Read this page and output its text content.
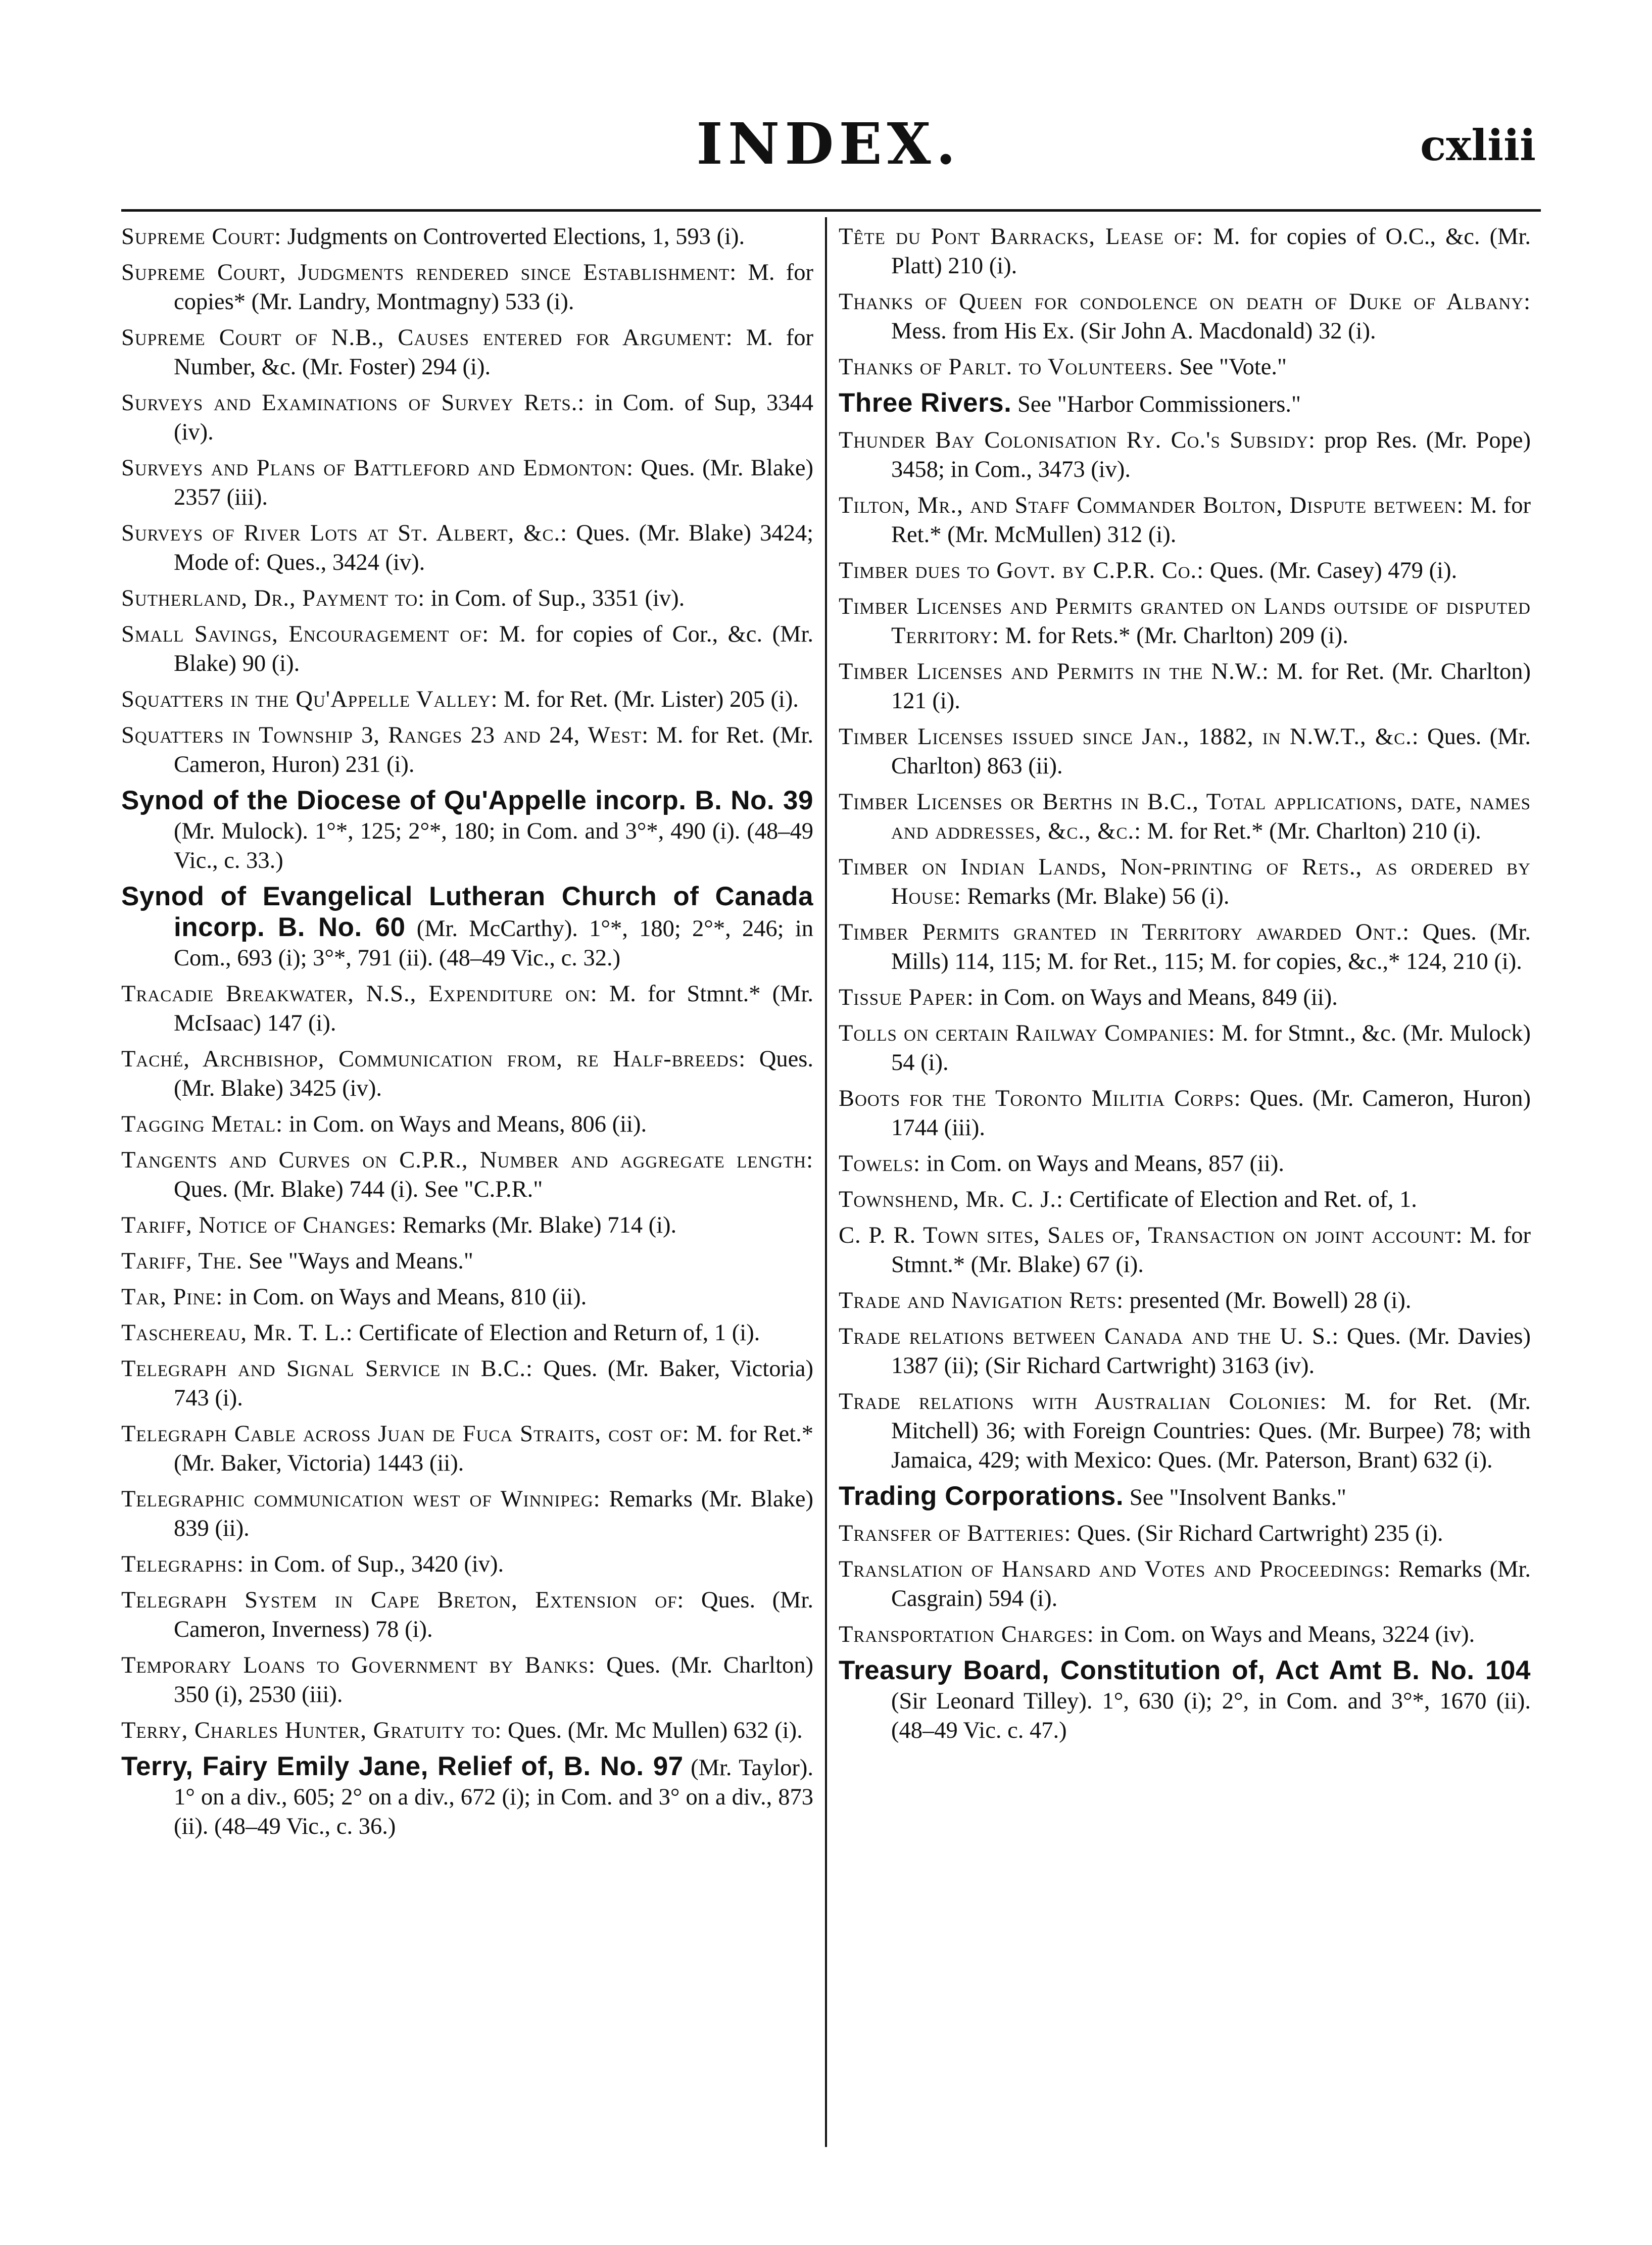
INDEX.	cxliii

Supreme Court: Judgments on Controverted Elections, 1, 593 (i).

Supreme Court, Judgments rendered since Establishment: M. for copies* (Mr. Landry, Montmagny) 533 (i).

Supreme Court of N.B., Causes entered for Argument: M. for Number, &c. (Mr. Foster) 294 (i).

Surveys and Examinations of Survey Rets.: in Com. of Sup, 3344 (iv).

Surveys and Plans of Battleford and Edmonton: Ques. (Mr. Blake) 2357 (iii).

Surveys of River Lots at St. Albert, &c.: Ques. (Mr. Blake) 3424; Mode of: Ques., 3424 (iv).

Sutherland, Dr., Payment to: in Com. of Sup., 3351 (iv).

Small Savings, Encouragement of: M. for copies of Cor., &c. (Mr. Blake) 90 (i).

Squatters in the Qu'Appelle Valley: M. for Ret. (Mr. Lister) 205 (i).

Squatters in Township 3, Ranges 23 and 24, West: M. for Ret. (Mr. Cameron, Huron) 231 (i).

Synod of the Diocese of Qu'Appelle incorp. B. No. 39 (Mr. Mulock). 1°*, 125; 2°*, 180; in Com. and 3°*, 490 (i). (48–49 Vic., c. 33.)

Synod of Evangelical Lutheran Church of Canada incorp. B. No. 60 (Mr. McCarthy). 1°*, 180; 2°*, 246; in Com., 693 (i); 3°*, 791 (ii). (48–49 Vic., c. 32.)

Tracadie Breakwater, N.S., Expenditure on: M. for Stmnt.* (Mr. McIsaac) 147 (i).

Taché, Archbishop, Communication from, re Half-breeds: Ques. (Mr. Blake) 3425 (iv).

Tagging Metal: in Com. on Ways and Means, 806 (ii).

Tangents and Curves on C.P.R., Number and aggregate length: Ques. (Mr. Blake) 744 (i). See "C.P.R."

Tariff, Notice of Changes: Remarks (Mr. Blake) 714 (i).

Tariff, The. See "Ways and Means."

Tar, Pine: in Com. on Ways and Means, 810 (ii).

Taschereau, Mr. T. L.: Certificate of Election and Return of, 1 (i).

Telegraph and Signal Service in B.C.: Ques. (Mr. Baker, Victoria) 743 (i).

Telegraph Cable across Juan de Fuca Straits, cost of: M. for Ret.* (Mr. Baker, Victoria) 1443 (ii).

Telegraphic communication west of Winnipeg: Remarks (Mr. Blake) 839 (ii).

Telegraphs: in Com. of Sup., 3420 (iv).

Telegraph System in Cape Breton, Extension of: Ques. (Mr. Cameron, Inverness) 78 (i).

Temporary Loans to Government by Banks: Ques. (Mr. Charlton) 350 (i), 2530 (iii).

Terry, Charles Hunter, Gratuity to: Ques. (Mr. Mc Mullen) 632 (i).

Terry, Fairy Emily Jane, Relief of, B. No. 97 (Mr. Taylor). 1° on a div., 605; 2° on a div., 672 (i); in Com. and 3° on a div., 873 (ii). (48–49 Vic., c. 36.)

Tête du Pont Barracks, Lease of: M. for copies of O.C., &c. (Mr. Platt) 210 (i).

Thanks of Queen for condolence on death of Duke of Albany: Mess. from His Ex. (Sir John A. Macdonald) 32 (i).

Thanks of Parlt. to Volunteers. See "Vote."

Three Rivers. See "Harbor Commissioners."

Thunder Bay Colonisation Ry. Co.'s Subsidy: prop Res. (Mr. Pope) 3458; in Com., 3473 (iv).

Tilton, Mr., and Staff Commander Bolton, Dispute between: M. for Ret.* (Mr. McMullen) 312 (i).

Timber dues to Govt. by C.P.R. Co.: Ques. (Mr. Casey) 479 (i).

Timber Licenses and Permits granted on Lands outside of disputed Territory: M. for Rets.* (Mr. Charlton) 209 (i).

Timber Licenses and Permits in the N.W.: M. for Ret. (Mr. Charlton) 121 (i).

Timber Licenses issued since Jan., 1882, in N.W.T., &c.: Ques. (Mr. Charlton) 863 (ii).

Timber Licenses or Berths in B.C., Total applications, date, names and addresses, &c., &c.: M. for Ret.* (Mr. Charlton) 210 (i).

Timber on Indian Lands, Non-printing of Rets., as ordered by House: Remarks (Mr. Blake) 56 (i).

Timber Permits granted in Territory awarded Ont.: Ques. (Mr. Mills) 114, 115; M. for Ret., 115; M. for copies, &c.,* 124, 210 (i).

Tissue Paper: in Com. on Ways and Means, 849 (ii).

Tolls on certain Railway Companies: M. for Stmnt., &c. (Mr. Mulock) 54 (i).

Boots for the Toronto Militia Corps: Ques. (Mr. Cameron, Huron) 1744 (iii).

Towels: in Com. on Ways and Means, 857 (ii).

Townshend, Mr. C. J.: Certificate of Election and Ret. of, 1.

C. P. R. Town sites, Sales of, Transaction on joint account: M. for Stmnt.* (Mr. Blake) 67 (i).

Trade and Navigation Rets: presented (Mr. Bowell) 28 (i).

Trade relations between Canada and the U. S.: Ques. (Mr. Davies) 1387 (ii); (Sir Richard Cartwright) 3163 (iv).

Trade relations with Australian Colonies: M. for Ret. (Mr. Mitchell) 36; with Foreign Countries: Ques. (Mr. Burpee) 78; with Jamaica, 429; with Mexico: Ques. (Mr. Paterson, Brant) 632 (i).

Trading Corporations. See "Insolvent Banks."

Transfer of Batteries: Ques. (Sir Richard Cartwright) 235 (i).

Translation of Hansard and Votes and Proceedings: Remarks (Mr. Casgrain) 594 (i).

Transportation Charges: in Com. on Ways and Means, 3224 (iv).

Treasury Board, Constitution of, Act Amt B. No. 104 (Sir Leonard Tilley). 1°, 630 (i); 2°, in Com. and 3°*, 1670 (ii). (48–49 Vic. c. 47.)
